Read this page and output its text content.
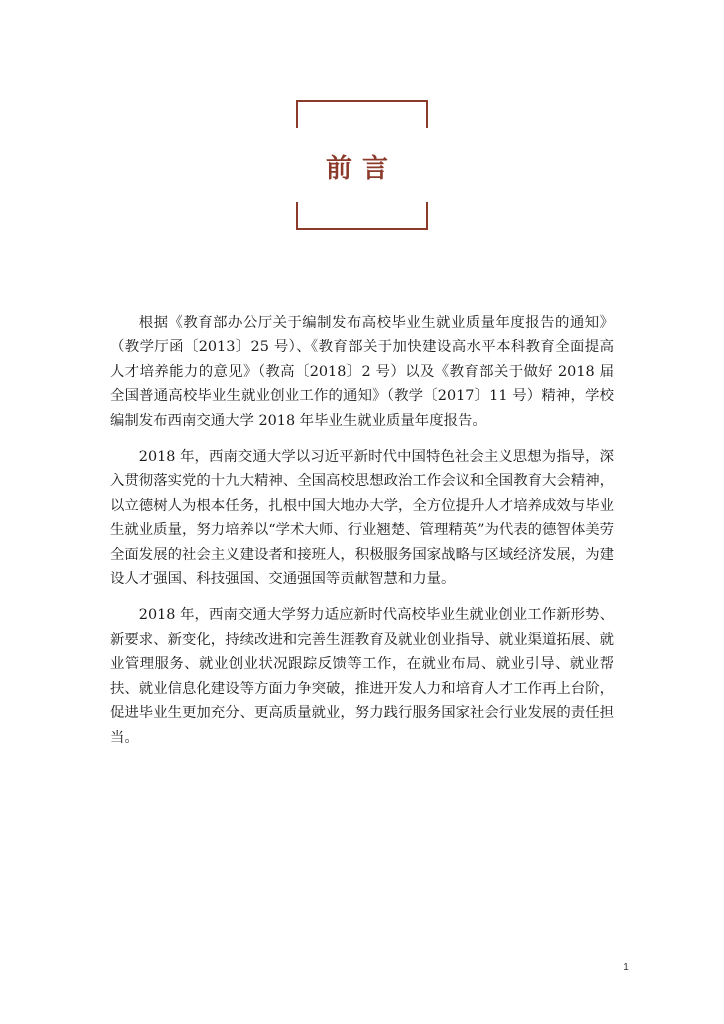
前言

根据《教育部办公厅关于编制发布高校毕业生就业质量年度报告的通知》（教学厅函〔2013〕25 号）、《教育部关于加快建设高水平本科教育全面提高人才培养能力的意见》（教高〔2018〕2 号）以及《教育部关于做好 2018 届全国普通高校毕业生就业创业工作的通知》（教学〔2017〕11 号）精神，学校编制发布西南交通大学 2018 年毕业生就业质量年度报告。

2018 年，西南交通大学以习近平新时代中国特色社会主义思想为指导，深入贯彻落实党的十九大精神、全国高校思想政治工作会议和全国教育大会精神，以立德树人为根本任务，扎根中国大地办大学，全方位提升人才培养成效与毕业生就业质量，努力培养以“学术大师、行业翘楚、管理精英”为代表的德智体美劳全面发展的社会主义建设者和接班人，积极服务国家战略与区域经济发展，为建设人才强国、科技强国、交通强国等贡献智慧和力量。

2018 年，西南交通大学努力适应新时代高校毕业生就业创业工作新形势、新要求、新变化，持续改进和完善生涯教育及就业创业指导、就业渠道拓展、就业管理服务、就业创业状况跟踪反馈等工作，在就业布局、就业引导、就业帮扶、就业信息化建设等方面力争突破，推进开发人力和培育人才工作再上台阶，促进毕业生更加充分、更高质量就业，努力践行服务国家社会行业发展的责任担当。

1
